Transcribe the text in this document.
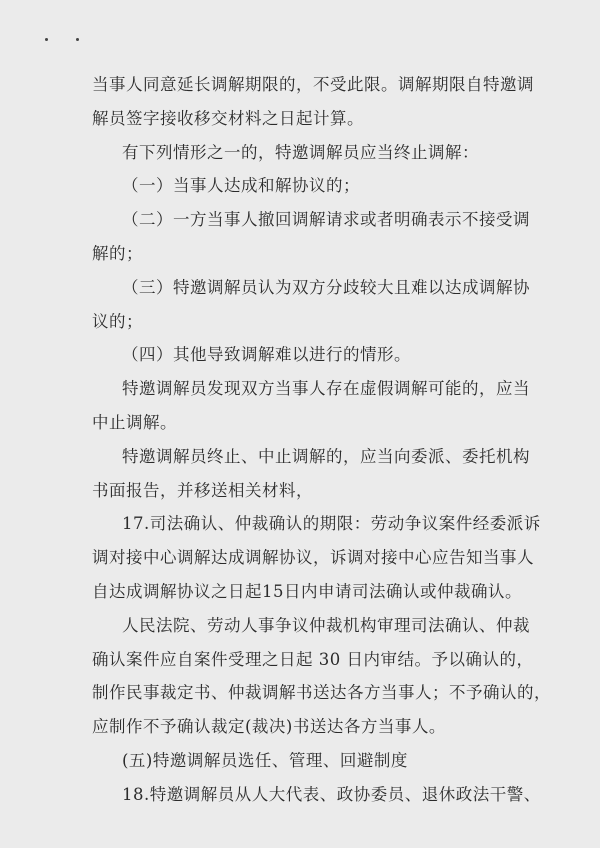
当事人同意延长调解期限的，不受此限。调解期限自特邀调
解员签字接收移交材料之日起计算。
有下列情形之一的，特邀调解员应当终止调解：
（一）当事人达成和解协议的；
（二）一方当事人撤回调解请求或者明确表示不接受调
解的；
（三）特邀调解员认为双方分歧较大且难以达成调解协
议的；
（四）其他导致调解难以进行的情形。
特邀调解员发现双方当事人存在虚假调解可能的，应当
中止调解。
特邀调解员终止、中止调解的，应当向委派、委托机构
书面报告，并移送相关材料，
17.司法确认、仲裁确认的期限：劳动争议案件经委派诉
调对接中心调解达成调解协议，诉调对接中心应告知当事人
自达成调解协议之日起15日内申请司法确认或仲裁确认。
人民法院、劳动人事争议仲裁机构审理司法确认、仲裁
确认案件应自案件受理之日起 30 日内审结。予以确认的，
制作民事裁定书、仲裁调解书送达各方当事人；不予确认的，
应制作不予确认裁定(裁决)书送达各方当事人。
(五)特邀调解员选任、管理、回避制度
18.特邀调解员从人大代表、政协委员、退休政法干警、
